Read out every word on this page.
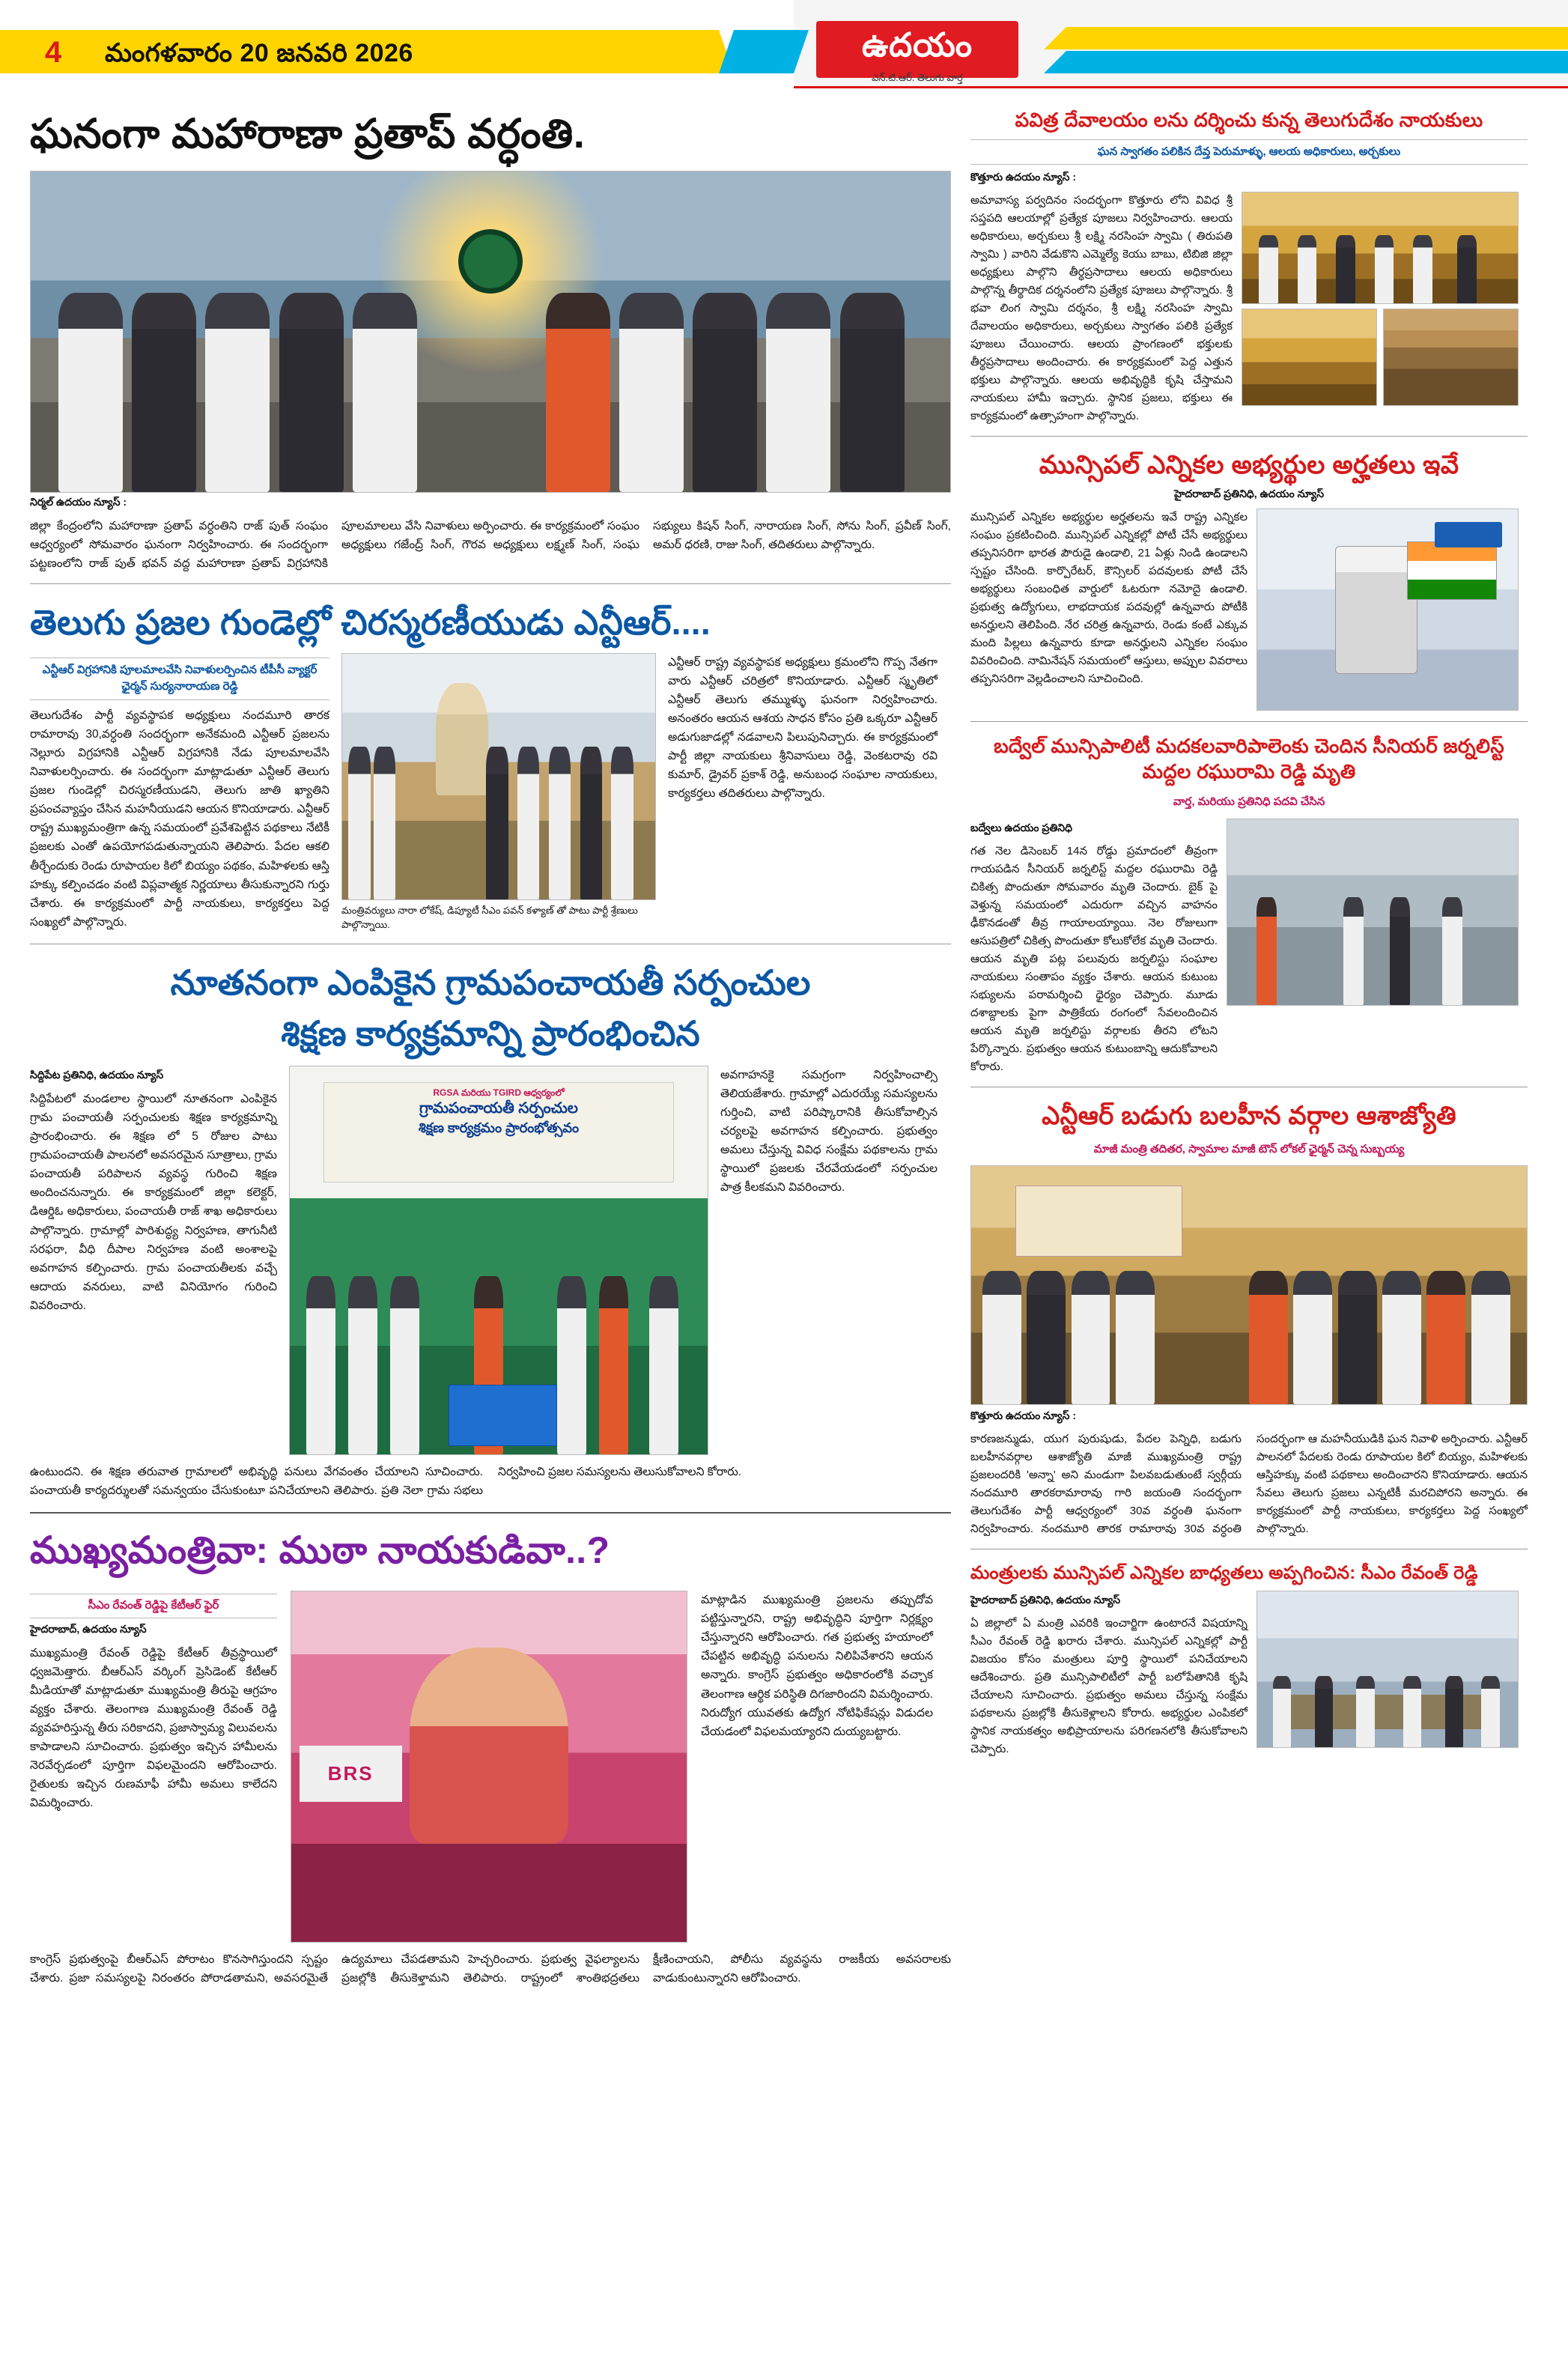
4 మంగళవారం 20 జనవరి 2026	ఉదయం
ఎన్.టి.ఆర్. తెలుగు వార్త
ఘనంగా మహారాణా ప్రతాప్ వర్ధంతి.
నిర్మల్ ఉదయం న్యూస్ :
జిల్లా కేంద్రంలోని మహారాణా ప్రతాప్ వర్ధంతిని రాజ్ పుత్ సంఘం ఆధ్వర్యంలో సోమవారం ఘనంగా నిర్వహించారు. ఈ సందర్భంగా పట్టణంలోని రాజ్ పుత్ భవన్ వద్ద మహారాణా ప్రతాప్ విగ్రహానికి పూలమాలలు వేసి నివాళులు అర్పించారు. ఈ కార్యక్రమంలో సంఘం అధ్యక్షులు గజేంద్ర్ సింగ్, గౌరవ అధ్యక్షులు లక్ష్మణ్ సింగ్, సంఘ సభ్యులు కిషన్ సింగ్, నారాయణ సింగ్, సోను సింగ్, ప్రవీణ్ సింగ్, అమర్ ధరణి, రాజు సింగ్, తదితరులు పాల్గొన్నారు.
తెలుగు ప్రజల గుండెల్లో చిరస్మరణీయుడు ఎన్టీఆర్....
ఎన్టీఆర్ విగ్రహానికి పూలమాలవేసి నివాళులర్పించిన టీపీసీ వ్యాక్టర్ ఛైర్మన్ సుర్యనారాయణ రెడ్డి
తెలుగుదేశం పార్టీ వ్యవస్థాపక అధ్యక్షులు నందమూరి తారక రామారావు 30,వర్ధంతి సందర్భంగా అనేకమంది ఎన్టీఆర్ ప్రజలను నెల్లూరు విగ్రహానికి ఎన్టీఆర్ విగ్రహానికి నేడు పూలమాలవేసి నివాళులర్పించారు. ఈ సందర్భంగా మాట్లాడుతూ ఎన్టీఆర్ తెలుగు ప్రజల గుండెల్లో చిరస్మరణీయుడని, తెలుగు జాతి ఖ్యాతిని ప్రపంచవ్యాప్తం చేసిన మహనీయుడని ఆయన కొనియాడారు. ఎన్టీఆర్ రాష్ట్ర ముఖ్యమంత్రిగా ఉన్న సమయంలో ప్రవేశపెట్టిన పథకాలు నేటికీ ప్రజలకు ఎంతో ఉపయోగపడుతున్నాయని తెలిపారు. పేదల ఆకలి తీర్చేందుకు రెండు రూపాయల కిలో బియ్యం పథకం, మహిళలకు ఆస్తి హక్కు కల్పించడం వంటి విప్లవాత్మక నిర్ణయాలు తీసుకున్నారని గుర్తు చేశారు. ఈ కార్యక్రమంలో పార్టీ నాయకులు, కార్యకర్తలు పెద్ద సంఖ్యలో పాల్గొన్నారు.
మంత్రివర్యులు నారా లోకేష్, డిప్యూటీ సీఎం పవన్ కళ్యాణ్ తో పాటు పార్టీ శ్రేణులు పాల్గొన్నాయి.
ఎన్టీఆర్ రాష్ట్ర వ్యవస్థాపక అధ్యక్షులు క్రమంలోని గొప్ప నేతగా వారు ఎన్టీఆర్ చరిత్రలో కొనియాడారు. ఎన్టీఆర్ స్మృతిలో ఎన్టీఆర్ తెలుగు తమ్ముళ్ళు ఘనంగా నిర్వహించారు. అనంతరం ఆయన ఆశయ సాధన కోసం ప్రతి ఒక్కరూ ఎన్టీఆర్ అడుగుజాడల్లో నడవాలని పిలుపునిచ్చారు. ఈ కార్యక్రమంలో పార్టీ జిల్లా నాయకులు శ్రీనివాసులు రెడ్డి, వెంకటరావు రవి కుమార్, డ్రైవర్ ప్రకాశ్ రెడ్డి, అనుబంధ సంఘాల నాయకులు, కార్యకర్తలు తదితరులు పాల్గొన్నారు.
నూతనంగా ఎంపికైన గ్రామపంచాయతీ సర్పంచుల
శిక్షణ కార్యక్రమాన్ని ప్రారంభించిన
సిద్దిపేట ప్రతినిధి, ఉదయం న్యూస్
సిద్దిపేటలో మండలాల స్థాయిలో నూతనంగా ఎంపికైన గ్రామ పంచాయతీ సర్పంచులకు శిక్షణ కార్యక్రమాన్ని ప్రారంభించారు. ఈ శిక్షణ లో 5 రోజుల పాటు గ్రామపంచాయతీ పాలనలో అవసరమైన సూత్రాలు, గ్రామ పంచాయతీ పరిపాలన వ్యవస్థ గురించి శిక్షణ అందించనున్నారు. ఈ కార్యక్రమంలో జిల్లా కలెక్టర్, డిఆర్డిఓ అధికారులు, పంచాయతీ రాజ్ శాఖ అధికారులు పాల్గొన్నారు. గ్రామాల్లో పారిశుద్ధ్య నిర్వహణ, తాగునీటి సరఫరా, వీధి దీపాల నిర్వహణ వంటి అంశాలపై అవగాహన కల్పించారు. గ్రామ పంచాయతీలకు వచ్చే ఆదాయ వనరులు, వాటి వినియోగం గురించి వివరించారు.
RGSA మరియు TGIRD ఆధ్వర్యంలో
గ్రామపంచాయతీ సర్పంచుల
శిక్షణ కార్యక్రమం ప్రారంభోత్సవం
అవగాహనకై సమగ్రంగా నిర్వహించాల్సి తెలియజేశారు. గ్రామాల్లో ఎదురయ్యే సమస్యలను గుర్తించి, వాటి పరిష్కారానికి తీసుకోవాల్సిన చర్యలపై అవగాహన కల్పించారు. ప్రభుత్వం అమలు చేస్తున్న వివిధ సంక్షేమ పథకాలను గ్రామ స్థాయిలో ప్రజలకు చేరవేయడంలో సర్పంచుల పాత్ర కీలకమని వివరించారు.
ఉంటుందని. ఈ శిక్షణ తరువాత గ్రామాలలో అభివృద్ధి పనులు వేగవంతం చేయాలని సూచించారు. పంచాయతీ కార్యదర్శులతో సమన్వయం చేసుకుంటూ పనిచేయాలని తెలిపారు. ప్రతి నెలా గ్రామ సభలు నిర్వహించి ప్రజల సమస్యలను తెలుసుకోవాలని కోరారు.
ముఖ్యమంత్రివా: ముఠా నాయకుడివా..?
సీఎం రేవంత్ రెడ్డిపై కేటీఆర్ ఫైర్
హైదరాబాద్, ఉదయం న్యూస్
ముఖ్యమంత్రి రేవంత్ రెడ్డిపై కేటీఆర్ తీవ్రస్థాయిలో ధ్వజమెత్తారు. బీఆర్ఎస్ వర్కింగ్ ప్రెసిడెంట్ కేటీఆర్ మీడియాతో మాట్లాడుతూ ముఖ్యమంత్రి తీరుపై ఆగ్రహం వ్యక్తం చేశారు. తెలంగాణ ముఖ్యమంత్రి రేవంత్ రెడ్డి వ్యవహరిస్తున్న తీరు సరికాదని, ప్రజాస్వామ్య విలువలను కాపాడాలని సూచించారు. ప్రభుత్వం ఇచ్చిన హామీలను నెరవేర్చడంలో పూర్తిగా విఫలమైందని ఆరోపించారు. రైతులకు ఇచ్చిన రుణమాఫీ హామీ అమలు కాలేదని విమర్శించారు.
BRS
మాట్లాడిన ముఖ్యమంత్రి ప్రజలను తప్పుదోవ పట్టిస్తున్నారని, రాష్ట్ర అభివృద్ధిని పూర్తిగా నిర్లక్ష్యం చేస్తున్నారని ఆరోపించారు. గత ప్రభుత్వ హయాంలో చేపట్టిన అభివృద్ధి పనులను నిలిపివేశారని ఆయన అన్నారు. కాంగ్రెస్ ప్రభుత్వం అధికారంలోకి వచ్చాక తెలంగాణ ఆర్థిక పరిస్థితి దిగజారిందని విమర్శించారు. నిరుద్యోగ యువతకు ఉద్యోగ నోటిఫికేషన్లు విడుదల చేయడంలో విఫలమయ్యారని దుయ్యబట్టారు.
కాంగ్రెస్ ప్రభుత్వంపై బీఆర్ఎస్ పోరాటం కొనసాగిస్తుందని స్పష్టం చేశారు. ప్రజా సమస్యలపై నిరంతరం పోరాడతామని, అవసరమైతే ఉద్యమాలు చేపడతామని హెచ్చరించారు. ప్రభుత్వ వైఫల్యాలను ప్రజల్లోకి తీసుకెళ్తామని తెలిపారు. రాష్ట్రంలో శాంతిభద్రతలు క్షీణించాయని, పోలీసు వ్యవస్థను రాజకీయ అవసరాలకు వాడుకుంటున్నారని ఆరోపించారు.
పవిత్ర దేవాలయం లను దర్శించు కున్న తెలుగుదేశం నాయకులు
ఘన స్వాగతం పలికిన దేవ్త పెరుమాళ్ళు, ఆలయ అధికారులు, అర్చకులు
కొత్తూరు ఉదయం న్యూస్ :
అమావాస్య పర్వదినం సందర్భంగా కొత్తూరు లోని వివిధ శ్రీ సప్తపది ఆలయాల్లో ప్రత్యేక పూజలు నిర్వహించారు. ఆలయ అధికారులు, అర్చకులు శ్రీ లక్ష్మి నరసింహ స్వామి ( తిరుపతి స్వామి ) వారిని వేడుకొని ఎమ్మెల్యే కెయు బాబు, టిబిజి జిల్లా అధ్యక్షులు పాల్గొని తీర్థప్రసాదాలు ఆలయ అధికారులు పాల్గొన్న తీర్థాదిక దర్శనంలోని ప్రత్యేక పూజలు పాల్గొన్నారు. శ్రీ భవా లింగ స్వామి దర్శనం, శ్రీ లక్ష్మి నరసింహ స్వామి దేవాలయం అధికారులు, అర్చకులు స్వాగతం పలికి ప్రత్యేక పూజలు చేయించారు. ఆలయ ప్రాంగణంలో భక్తులకు తీర్థప్రసాదాలు అందించారు. ఈ కార్యక్రమంలో పెద్ద ఎత్తున భక్తులు పాల్గొన్నారు. ఆలయ అభివృద్ధికి కృషి చేస్తామని నాయకులు హామీ ఇచ్చారు. స్థానిక ప్రజలు, భక్తులు ఈ కార్యక్రమంలో ఉత్సాహంగా పాల్గొన్నారు.
మున్సిపల్ ఎన్నికల అభ్యర్థుల అర్హతలు ఇవే
హైదరాబాద్ ప్రతినిధి, ఉదయం న్యూస్
మున్సిపల్ ఎన్నికల అభ్యర్థుల అర్హతలను ఇవే రాష్ట్ర ఎన్నికల సంఘం ప్రకటించింది. మున్సిపల్ ఎన్నికల్లో పోటీ చేసే అభ్యర్థులు తప్పనిసరిగా భారత పౌరుడై ఉండాలి, 21 ఏళ్లు నిండి ఉండాలని స్పష్టం చేసింది. కార్పొరేటర్, కౌన్సిలర్ పదవులకు పోటీ చేసే అభ్యర్థులు సంబంధిత వార్డులో ఓటరుగా నమోదై ఉండాలి. ప్రభుత్వ ఉద్యోగులు, లాభదాయక పదవుల్లో ఉన్నవారు పోటీకి అనర్హులని తెలిపింది. నేర చరిత్ర ఉన్నవారు, రెండు కంటే ఎక్కువ మంది పిల్లలు ఉన్నవారు కూడా అనర్హులని ఎన్నికల సంఘం వివరించింది. నామినేషన్ సమయంలో ఆస్తులు, అప్పుల వివరాలు తప్పనిసరిగా వెల్లడించాలని సూచించింది.
బద్వేల్ మున్సిపాలిటీ మదకలవారిపాలెంకు చెందిన సీనియర్ జర్నలిస్ట్ మద్దల రఘురామి రెడ్డి మృతి
వార్త, మరియు ప్రతినిధి పదవి చేసిన
బద్వేలు ఉదయం ప్రతినిధి
గత నెల డిసెంబర్ 14న రోడ్డు ప్రమాదంలో తీవ్రంగా గాయపడిన సీనియర్ జర్నలిస్ట్ మద్దల రఘురామి రెడ్డి చికిత్స పొందుతూ సోమవారం మృతి చెందారు. బైక్ పై వెళ్తున్న సమయంలో ఎదురుగా వచ్చిన వాహనం ఢీకొనడంతో తీవ్ర గాయాలయ్యాయి. నెల రోజులుగా ఆసుపత్రిలో చికిత్స పొందుతూ కోలుకోలేక మృతి చెందారు. ఆయన మృతి పట్ల పలువురు జర్నలిస్టు సంఘాల నాయకులు సంతాపం వ్యక్తం చేశారు. ఆయన కుటుంబ సభ్యులను పరామర్శించి ధైర్యం చెప్పారు. మూడు దశాబ్దాలకు పైగా పాత్రికేయ రంగంలో సేవలందించిన ఆయన మృతి జర్నలిస్టు వర్గాలకు తీరని లోటని పేర్కొన్నారు. ప్రభుత్వం ఆయన కుటుంబాన్ని ఆదుకోవాలని కోరారు.
ఎన్టీఆర్ బడుగు బలహీన వర్గాల ఆశాజ్యోతి
మాజీ మంత్రి తదితర, స్వామాల మాజీ టౌన్ లోకల్ ఛైర్మన్ చెన్న సుబ్బయ్య
కొత్తూరు ఉదయం న్యూస్ :
కారణజన్ముడు, యుగ పురుషుడు, పేదల పెన్నిధి, బడుగు బలహీనవర్గాల ఆశాజ్యోతి మాజీ ముఖ్యమంత్రి రాష్ట్ర ప్రజలందరికి 'అన్నా' అని మండుగా పిలవబడుతుంటే స్వర్గీయ నందమూరి తారకరామారావు గారి జయంతి సందర్భంగా తెలుగుదేశం పార్టీ ఆధ్వర్యంలో 30వ వర్ధంతి ఘనంగా నిర్వహించారు. నందమూరి తారక రామారావు 30వ వర్ధంతి సందర్భంగా ఆ మహనీయుడికి ఘన నివాళి అర్పించారు. ఎన్టీఆర్ పాలనలో పేదలకు రెండు రూపాయల కిలో బియ్యం, మహిళలకు ఆస్తిహక్కు వంటి పథకాలు అందించారని కొనియాడారు. ఆయన సేవలు తెలుగు ప్రజలు ఎన్నటికీ మరచిపోరని అన్నారు. ఈ కార్యక్రమంలో పార్టీ నాయకులు, కార్యకర్తలు పెద్ద సంఖ్యలో పాల్గొన్నారు.
మంత్రులకు మున్సిపల్ ఎన్నికల బాధ్యతలు అప్పగించిన: సీఎం రేవంత్ రెడ్డి
హైదరాబాద్ ప్రతినిధి, ఉదయం న్యూస్
ఏ జిల్లాలో ఏ మంత్రి ఎవరికి ఇంచార్జిగా ఉంటారనే విషయాన్ని సీఎం రేవంత్ రెడ్డి ఖరారు చేశారు. మున్సిపల్ ఎన్నికల్లో పార్టీ విజయం కోసం మంత్రులు పూర్తి స్థాయిలో పనిచేయాలని ఆదేశించారు. ప్రతి మున్సిపాలిటీలో పార్టీ బలోపేతానికి కృషి చేయాలని సూచించారు. ప్రభుత్వం అమలు చేస్తున్న సంక్షేమ పథకాలను ప్రజల్లోకి తీసుకెళ్లాలని కోరారు. అభ్యర్థుల ఎంపికలో స్థానిక నాయకత్వం అభిప్రాయాలను పరిగణనలోకి తీసుకోవాలని చెప్పారు.
